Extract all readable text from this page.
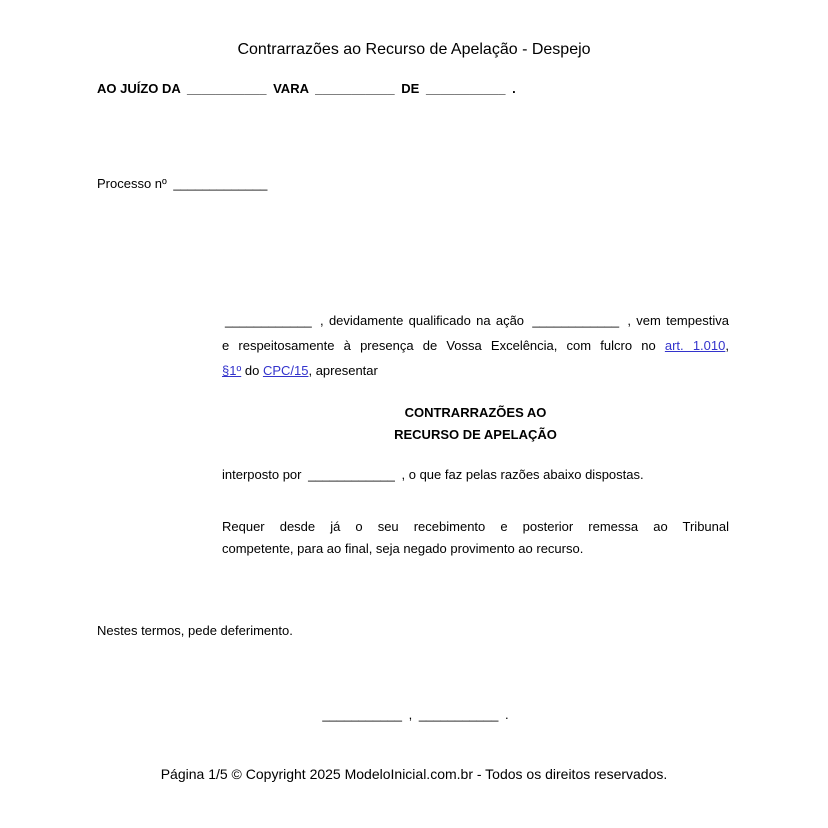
Contrarrazões ao Recurso de Apelação - Despejo
AO JUÍZO DA ___________ VARA ___________ DE ___________ .
Processo nº _____________
____________ , devidamente qualificado na ação ____________ , vem tempestiva
e respeitosamente à presença de Vossa Excelência, com fulcro no art. 1.010,
§1º do CPC/15, apresentar
CONTRARRAZÕES AO
RECURSO DE APELAÇÃO
interposto por ____________ , o que faz pelas razões abaixo dispostas.
Requer desde já o seu recebimento e posterior remessa ao Tribunal
competente, para ao final, seja negado provimento ao recurso.
Nestes termos, pede deferimento.
___________ , ___________ .
Página 1/5 © Copyright 2025 ModeloInicial.com.br - Todos os direitos reservados.
